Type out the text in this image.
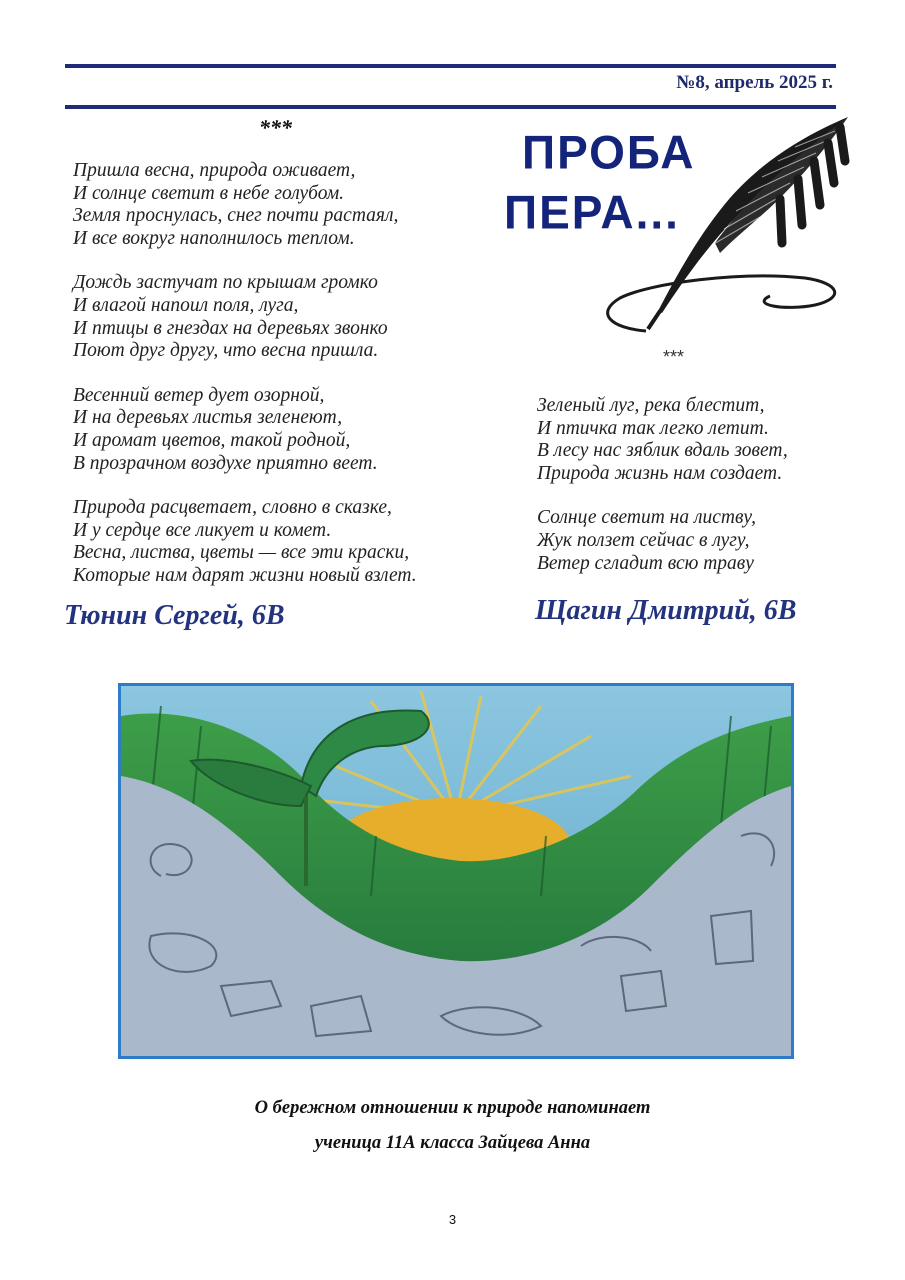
№8, апрель 2025 г.
***
Пришла весна, природа оживает,
И солнце светит в небе голубом.
Земля проснулась, снег почти растаял,
И все вокруг наполнилось теплом.
Дождь застучат по крышам громко
И влагой напоил поля, луга,
И птицы в гнездах на деревьях звонко
Поют друг другу, что весна пришла.
Весенний ветер дует озорной,
И на деревьях листья зеленеют,
И аромат цветов, такой родной,
В прозрачном воздухе приятно веет.
Природа расцветает, словно в сказке,
И у сердце все ликует и комет.
Весна, листва, цветы — все эти краски,
Которые нам дарят жизни новый взлет.
Тюнин Сергей, 6В
ПРОБА
ПЕРА...
***
Зеленый луг, река блестит,
И птичка так легко летит.
В лесу нас зяблик вдаль зовет,
Природа жизнь нам создает.
Солнце светит на листву,
Жук ползет сейчас в лугу,
Ветер сгладит всю траву
Щагин Дмитрий, 6В
О бережном отношении к природе напоминает
ученица 11А класса Зайцева Анна
3
